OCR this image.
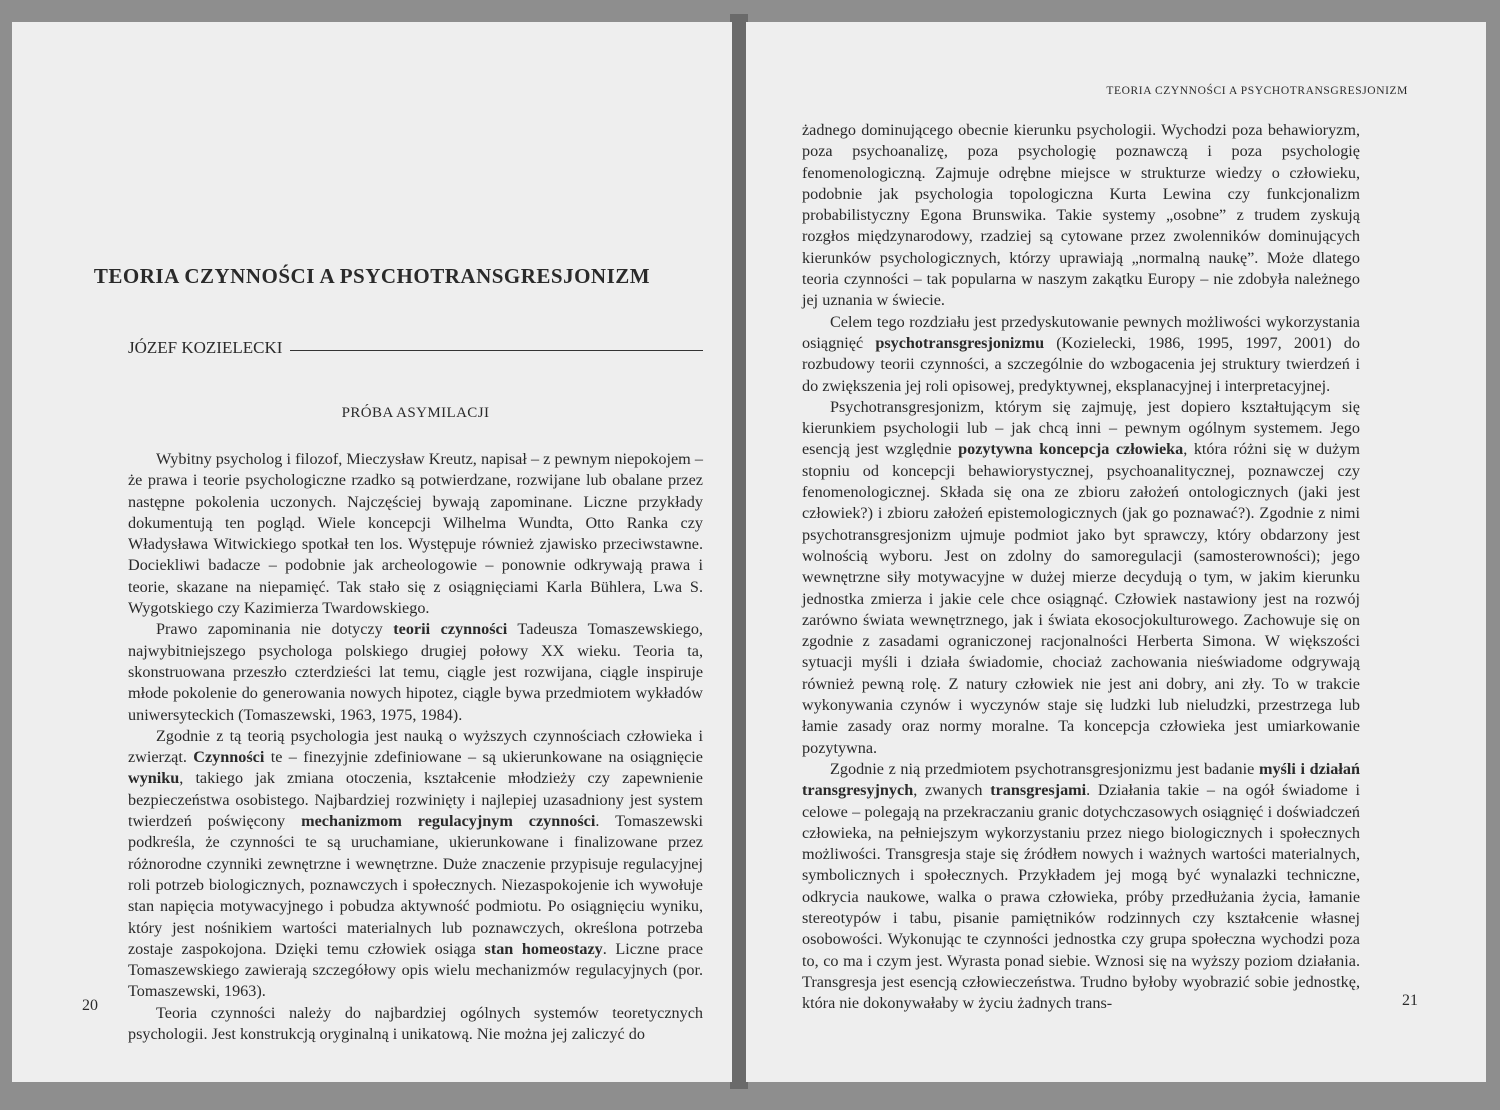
TEORIA CZYNNOŚCI A PSYCHOTRANSGRESJONIZM
JÓZEF KOZIELECKI
PRÓBA ASYMILACJI

Wybitny psycholog i filozof, Mieczysław Kreutz, napisał – z pewnym niepokojem – że prawa i teorie psychologiczne rzadko są potwierdzane, rozwijane lub obalane przez następne pokolenia uczonych. Najczęściej bywają zapominane. Liczne przykłady dokumentują ten pogląd. Wiele koncepcji Wilhelma Wundta, Otto Ranka czy Władysława Witwickiego spotkał ten los. Występuje również zjawisko przeciwstawne. Dociekliwi badacze – podobnie jak archeologowie – ponownie odkrywają prawa i teorie, skazane na niepamięć. Tak stało się z osiągnięciami Karla Bühlera, Lwa S. Wygotskiego czy Kazimierza Twardowskiego.

Prawo zapominania nie dotyczy teorii czynności Tadeusza Tomaszewskiego, najwybitniejszego psychologa polskiego drugiej połowy XX wieku. Teoria ta, skonstruowana przeszło czterdzieści lat temu, ciągle jest rozwijana, ciągle inspiruje młode pokolenie do generowania nowych hipotez, ciągle bywa przedmiotem wykładów uniwersyteckich (Tomaszewski, 1963, 1975, 1984).

Zgodnie z tą teorią psychologia jest nauką o wyższych czynnościach człowieka i zwierząt. Czynności te – finezyjnie zdefiniowane – są ukierunkowane na osiągnięcie wyniku, takiego jak zmiana otoczenia, kształcenie młodzieży czy zapewnienie bezpieczeństwa osobistego. Najbardziej rozwinięty i najlepiej uzasadniony jest system twierdzeń poświęcony mechanizmom regulacyjnym czynności. Tomaszewski podkreśla, że czynności te są uruchamiane, ukierunkowane i finalizowane przez różnorodne czynniki zewnętrzne i wewnętrzne. Duże znaczenie przypisuje regulacyjnej roli potrzeb biologicznych, poznawczych i społecznych. Niezaspokojenie ich wywołuje stan napięcia motywacyjnego i pobudza aktywność podmiotu. Po osiągnięciu wyniku, który jest nośnikiem wartości materialnych lub poznawczych, określona potrzeba zostaje zaspokojona. Dzięki temu człowiek osiąga stan homeostazy. Liczne prace Tomaszewskiego zawierają szczegółowy opis wielu mechanizmów regulacyjnych (por. Tomaszewski, 1963).

Teoria czynności należy do najbardziej ogólnych systemów teoretycznych psychologii. Jest konstrukcją oryginalną i unikatową. Nie można jej zaliczyć do

20
TEORIA CZYNNOŚCI A PSYCHOTRANSGRESJONIZM

żadnego dominującego obecnie kierunku psychologii. Wychodzi poza behawioryzm, poza psychoanalizę, poza psychologię poznawczą i poza psychologię fenomenologiczną. Zajmuje odrębne miejsce w strukturze wiedzy o człowieku, podobnie jak psychologia topologiczna Kurta Lewina czy funkcjonalizm probabilistyczny Egona Brunswika. Takie systemy „osobne” z trudem zyskują rozgłos międzynarodowy, rzadziej są cytowane przez zwolenników dominujących kierunków psychologicznych, którzy uprawiają „normalną naukę”. Może dlatego teoria czynności – tak popularna w naszym zakątku Europy – nie zdobyła należnego jej uznania w świecie.

Celem tego rozdziału jest przedyskutowanie pewnych możliwości wykorzystania osiągnięć psychotransgresjonizmu (Kozielecki, 1986, 1995, 1997, 2001) do rozbudowy teorii czynności, a szczególnie do wzbogacenia jej struktury twierdzeń i do zwiększenia jej roli opisowej, predyktywnej, eksplanacyjnej i interpretacyjnej.

Psychotransgresjonizm, którym się zajmuję, jest dopiero kształtującym się kierunkiem psychologii lub – jak chcą inni – pewnym ogólnym systemem. Jego esencją jest względnie pozytywna koncepcja człowieka, która różni się w dużym stopniu od koncepcji behawiorystycznej, psychoanalitycznej, poznawczej czy fenomenologicznej. Składa się ona ze zbioru założeń ontologicznych (jaki jest człowiek?) i zbioru założeń epistemologicznych (jak go poznawać?). Zgodnie z nimi psychotransgresjonizm ujmuje podmiot jako byt sprawczy, który obdarzony jest wolnością wyboru. Jest on zdolny do samoregulacji (samosterowności); jego wewnętrzne siły motywacyjne w dużej mierze decydują o tym, w jakim kierunku jednostka zmierza i jakie cele chce osiągnąć. Człowiek nastawiony jest na rozwój zarówno świata wewnętrznego, jak i świata ekosocjokulturowego. Zachowuje się on zgodnie z zasadami ograniczonej racjonalności Herberta Simona. W większości sytuacji myśli i działa świadomie, chociaż zachowania nieświadome odgrywają również pewną rolę. Z natury człowiek nie jest ani dobry, ani zły. To w trakcie wykonywania czynów i wyczynów staje się ludzki lub nieludzki, przestrzega lub łamie zasady oraz normy moralne. Ta koncepcja człowieka jest umiarkowanie pozytywna.

Zgodnie z nią przedmiotem psychotransgresjonizmu jest badanie myśli i działań transgresyjnych, zwanych transgresjami. Działania takie – na ogół świadome i celowe – polegają na przekraczaniu granic dotychczasowych osiągnięć i doświadczeń człowieka, na pełniejszym wykorzystaniu przez niego biologicznych i społecznych możliwości. Transgresja staje się źródłem nowych i ważnych wartości materialnych, symbolicznych i społecznych. Przykładem jej mogą być wynalazki techniczne, odkrycia naukowe, walka o prawa człowieka, próby przedłużania życia, łamanie stereotypów i tabu, pisanie pamiętników rodzinnych czy kształcenie własnej osobowości. Wykonując te czynności jednostka czy grupa społeczna wychodzi poza to, co ma i czym jest. Wyrasta ponad siebie. Wznosi się na wyższy poziom działania. Transgresja jest esencją człowieczeństwa. Trudno byłoby wyobrazić sobie jednostkę, która nie dokonywałaby w życiu żadnych trans-	21
